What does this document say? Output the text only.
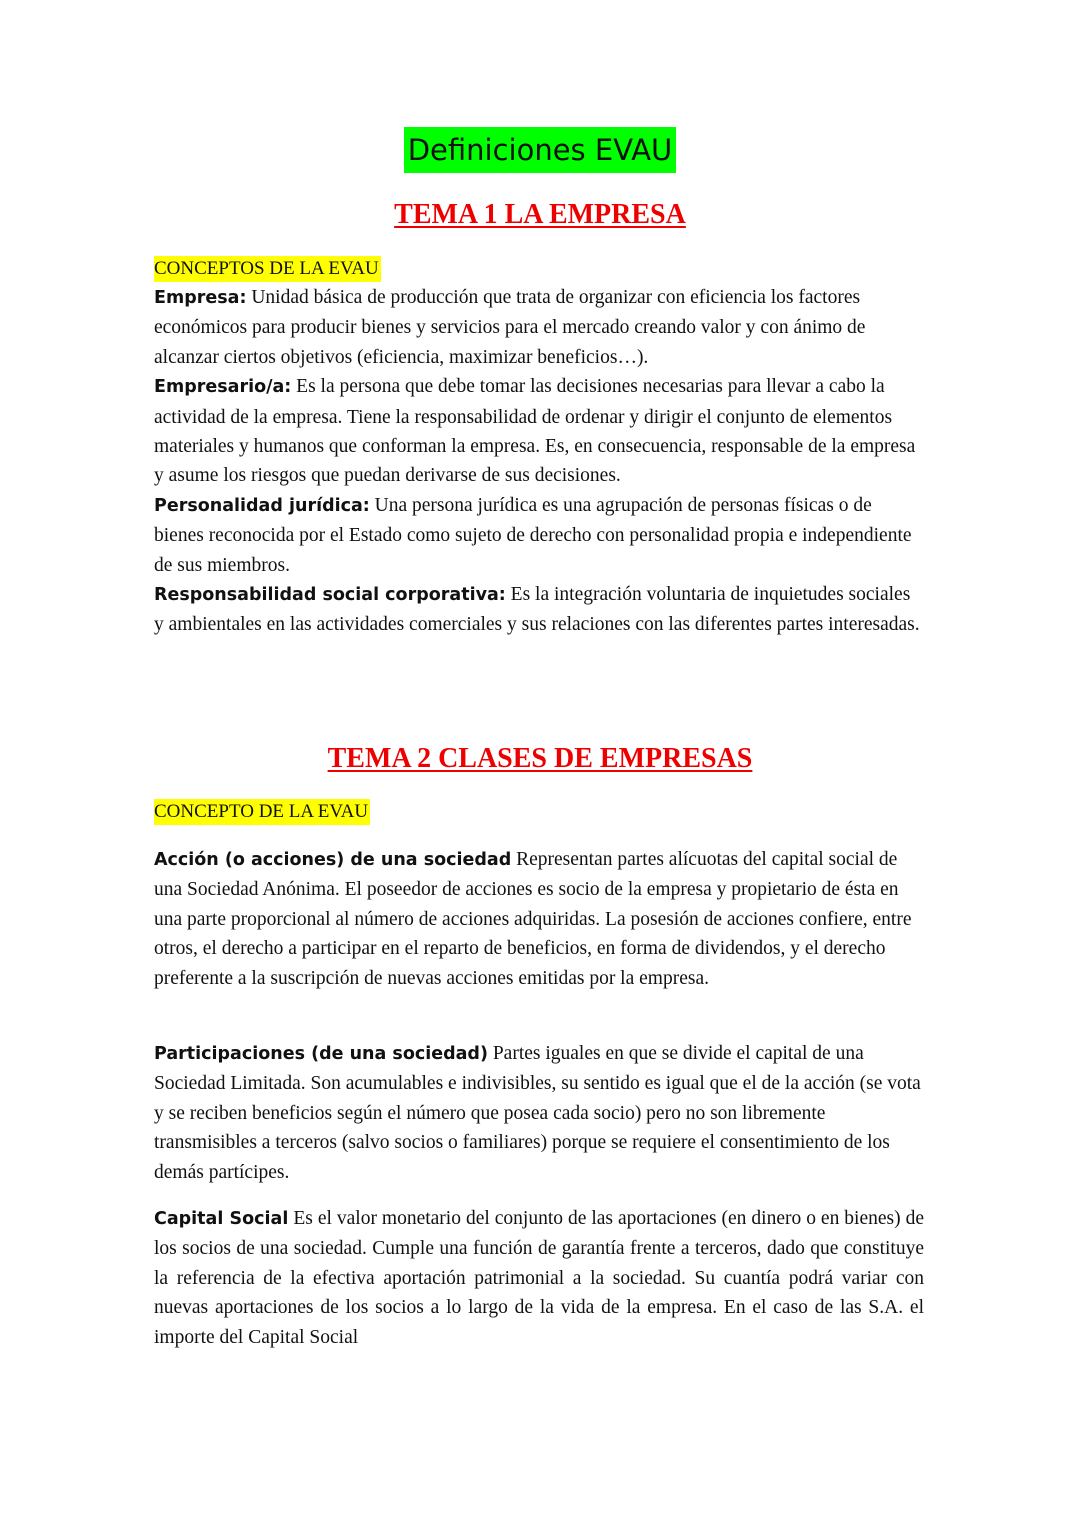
Definiciones EVAU
TEMA 1 LA EMPRESA
CONCEPTOS DE LA EVAU

Empresa: Unidad básica de producción que trata de organizar con eficiencia los factores económicos para producir bienes y servicios para el mercado creando valor y con ánimo de alcanzar ciertos objetivos (eficiencia, maximizar beneficios…).

Empresario/a: Es la persona que debe tomar las decisiones necesarias para llevar a cabo la actividad de la empresa. Tiene la responsabilidad de ordenar y dirigir el conjunto de elementos materiales y humanos que conforman la empresa. Es, en consecuencia, responsable de la empresa y asume los riesgos que puedan derivarse de sus decisiones.

Personalidad jurídica: Una persona jurídica es una agrupación de personas físicas o de bienes reconocida por el Estado como sujeto de derecho con personalidad propia e independiente de sus miembros.

Responsabilidad social corporativa: Es la integración voluntaria de inquietudes sociales y ambientales en las actividades comerciales y sus relaciones con las diferentes partes interesadas.

TEMA 2 CLASES DE EMPRESAS
CONCEPTO DE LA EVAU

Acción (o acciones) de una sociedad Representan partes alícuotas del capital social de una Sociedad Anónima. El poseedor de acciones es socio de la empresa y propietario de ésta en una parte proporcional al número de acciones adquiridas. La posesión de acciones confiere, entre otros, el derecho a participar en el reparto de beneficios, en forma de dividendos, y el derecho preferente a la suscripción de nuevas acciones emitidas por la empresa.

Participaciones (de una sociedad) Partes iguales en que se divide el capital de una Sociedad Limitada. Son acumulables e indivisibles, su sentido es igual que el de la acción (se vota y se reciben beneficios según el número que posea cada socio) pero no son libremente transmisibles a terceros (salvo socios o familiares) porque se requiere el consentimiento de los demás partícipes.

Capital Social Es el valor monetario del conjunto de las aportaciones (en dinero o en bienes) de los socios de una sociedad. Cumple una función de garantía frente a terceros, dado que constituye la referencia de la efectiva aportación patrimonial a la sociedad. Su cuantía podrá variar con nuevas aportaciones de los socios a lo largo de la vida de la empresa. En el caso de las S.A. el importe del Capital Social
